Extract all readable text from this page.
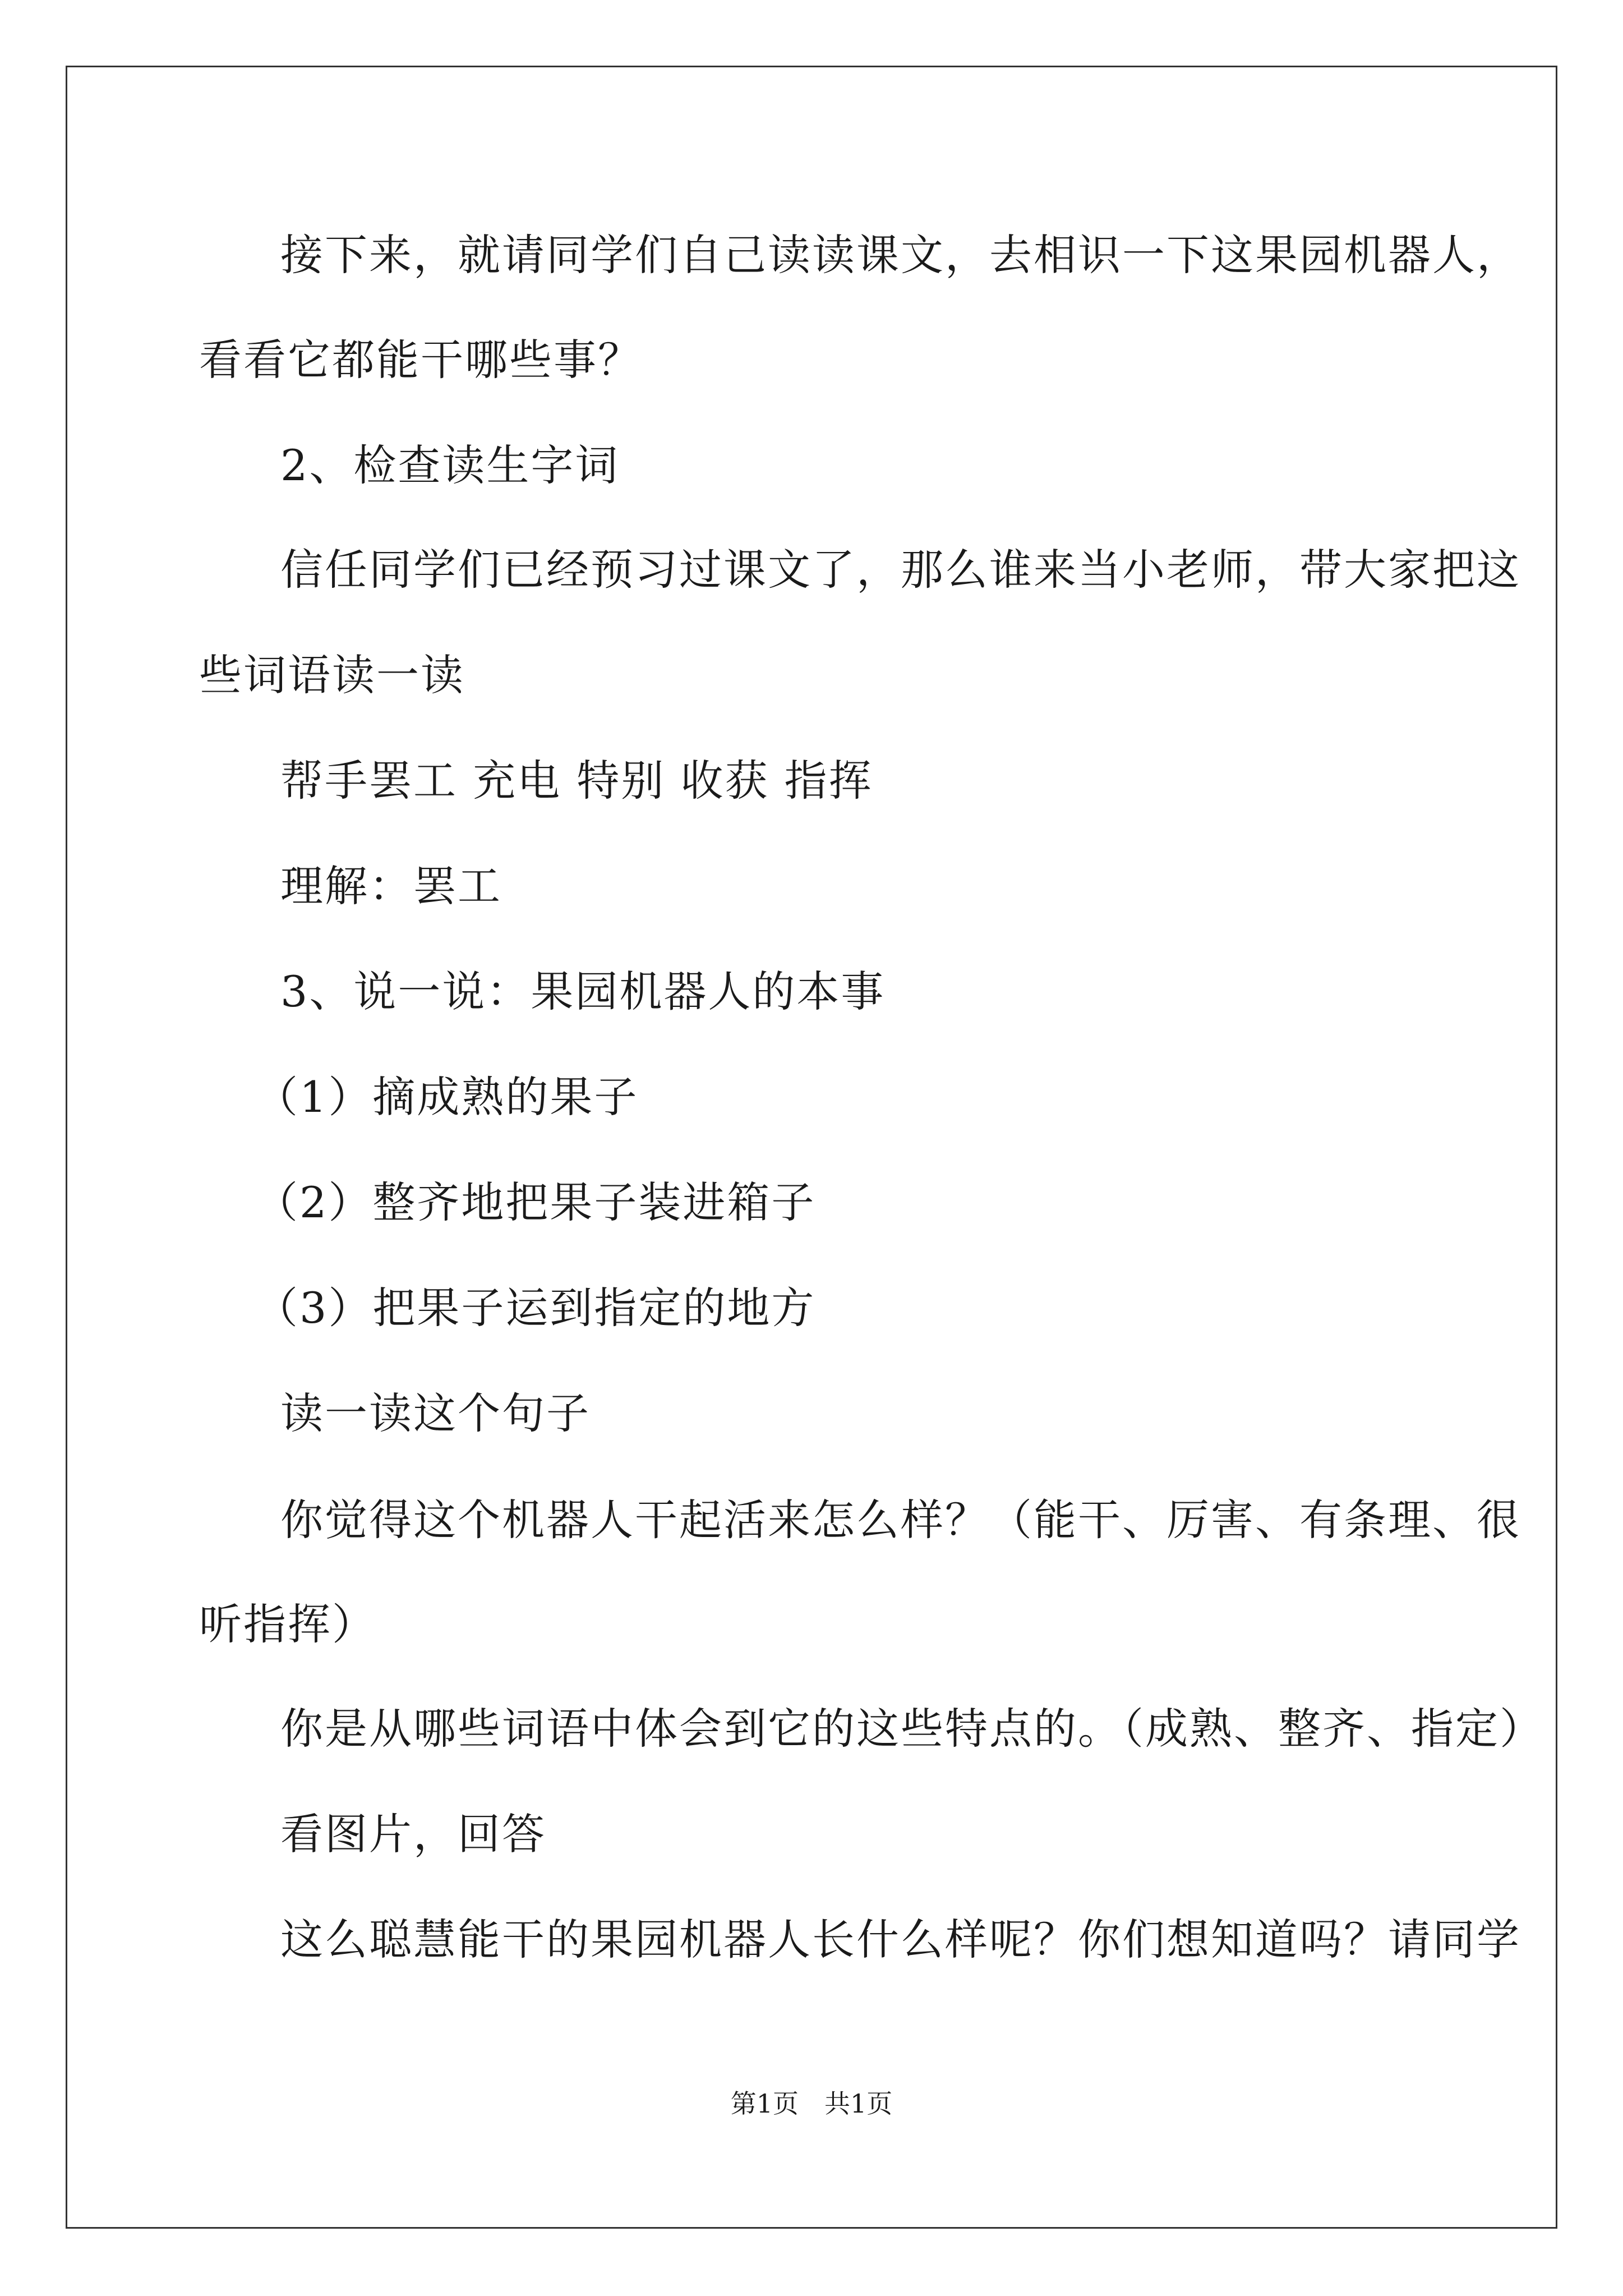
接下来，就请同学们自己读读课文，去相识一下这果园机器人，
看看它都能干哪些事？
2、检查读生字词
信任同学们已经预习过课文了，那么谁来当小老师，带大家把这
些词语读一读
帮手罢工 充电 特别 收获 指挥
理解：罢工
3、说一说：果园机器人的本事
（1）摘成熟的果子
（2）整齐地把果子装进箱子
（3）把果子运到指定的地方
读一读这个句子
你觉得这个机器人干起活来怎么样？（能干、厉害、有条理、很
听指挥）
你是从哪些词语中体会到它的这些特点的。（成熟、整齐、指定）
看图片，回答
这么聪慧能干的果园机器人长什么样呢？你们想知道吗？请同学
第1页　共1页
